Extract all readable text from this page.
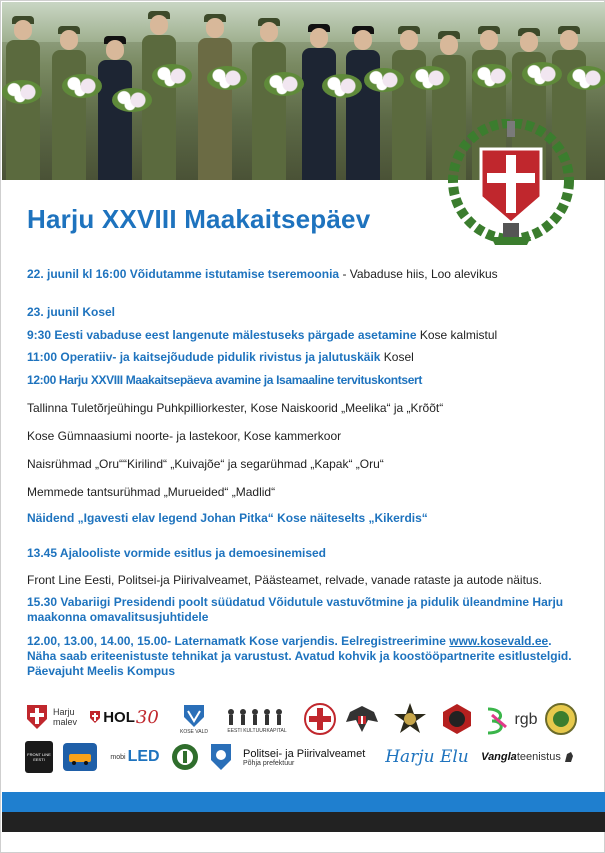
Harju XXVIII Maakaitsepäev
22. juunil kl 16:00 Võidutamme istutamise tseremoonia - Vabaduse hiis, Loo alevikus
23. juunil Kosel
9:30 Eesti vabaduse eest langenute mälestuseks pärgade asetamine Kose kalmistul
11:00 Operatiiv- ja kaitsejõudude pidulik rivistus ja jalutuskäik Kosel
12:00 Harju XXVIII Maakaitsepäeva avamine ja Isamaaline tervituskontsert
Tallinna Tuletõrjeühingu Puhkpilliorkester, Kose Naiskoorid „Meelika“ ja „Krõõt“
Kose Gümnaasiumi noorte- ja lastekoor, Kose kammerkoor
Naisrühmad „Oru““Kirilind“ „Kuivajõe“ ja segarühmad „Kapak“ „Oru“
Memmede tantsurühmad „Murueided“ „Madlid“
Näidend „Igavesti elav legend Johan Pitka“ Kose näiteselts „Kikerdis“
13.45 Ajalooliste vormide esitlus ja demoesinemised
Front Line Eesti, Politsei-ja Piirivalveamet, Päästeamet, relvade, vanade rataste ja autode näitus.
15.30 Vabariigi Presidendi poolt süüdatud Võidutule vastuvõtmine ja pidulik üleandmine Harju maakonna omavalitsusjuhtidele
12.00, 13.00, 14.00, 15.00- Laternamatk Kose varjendis. Eelregistreerimine www.kosevald.ee. Näha saab eriteenistuste tehnikat ja varustust. Avatud kohvik ja koostööpartnerite esitlustelgid. Päevajuht Meelis Kompus
Harju malev	HOL 30
KOSE VALD	EESTI KULTUURKAPITAL
rgb
FRONT LINE EESTI	mobi LED	Politsei- ja Piirivalveamet
Põhja prefektuur	Harju Elu Vangla teenistus
